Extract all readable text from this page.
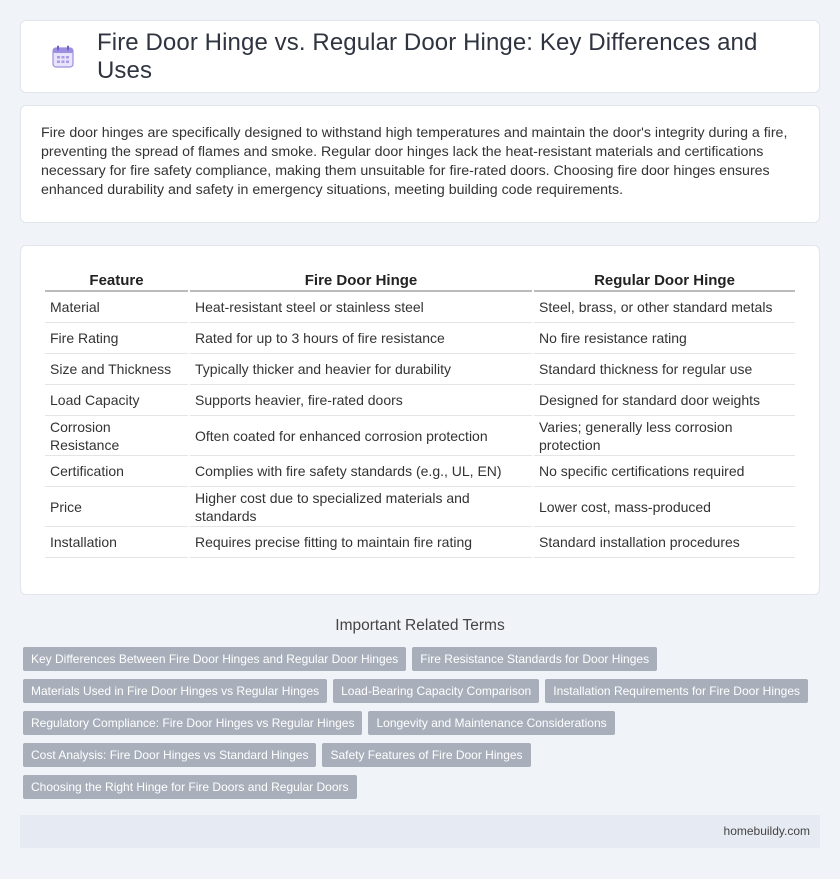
Fire Door Hinge vs. Regular Door Hinge: Key Differences and Uses

Fire door hinges are specifically designed to withstand high temperatures and maintain the door's integrity during a fire, preventing the spread of flames and smoke. Regular door hinges lack the heat-resistant materials and certifications necessary for fire safety compliance, making them unsuitable for fire-rated doors. Choosing fire door hinges ensures enhanced durability and safety in emergency situations, meeting building code requirements.

Feature	Fire Door Hinge	Regular Door Hinge
Material	Heat-resistant steel or stainless steel	Steel, brass, or other standard metals
Fire Rating	Rated for up to 3 hours of fire resistance	No fire resistance rating
Size and Thickness	Typically thicker and heavier for durability	Standard thickness for regular use
Load Capacity	Supports heavier, fire-rated doors	Designed for standard door weights
Corrosion Resistance	Often coated for enhanced corrosion protection	Varies; generally less corrosion protection
Certification	Complies with fire safety standards (e.g., UL, EN)	No specific certifications required
Price	Higher cost due to specialized materials and standards	Lower cost, mass-produced
Installation	Requires precise fitting to maintain fire rating	Standard installation procedures
Important Related Terms
Key Differences Between Fire Door Hinges and Regular Door Hinges	Fire Resistance Standards for Door Hinges
Materials Used in Fire Door Hinges vs Regular Hinges	Load-Bearing Capacity Comparison	Installation Requirements for Fire Door Hinges
Regulatory Compliance: Fire Door Hinges vs Regular Hinges	Longevity and Maintenance Considerations
Cost Analysis: Fire Door Hinges vs Standard Hinges	Safety Features of Fire Door Hinges
Choosing the Right Hinge for Fire Doors and Regular Doors
homebuildy.com
